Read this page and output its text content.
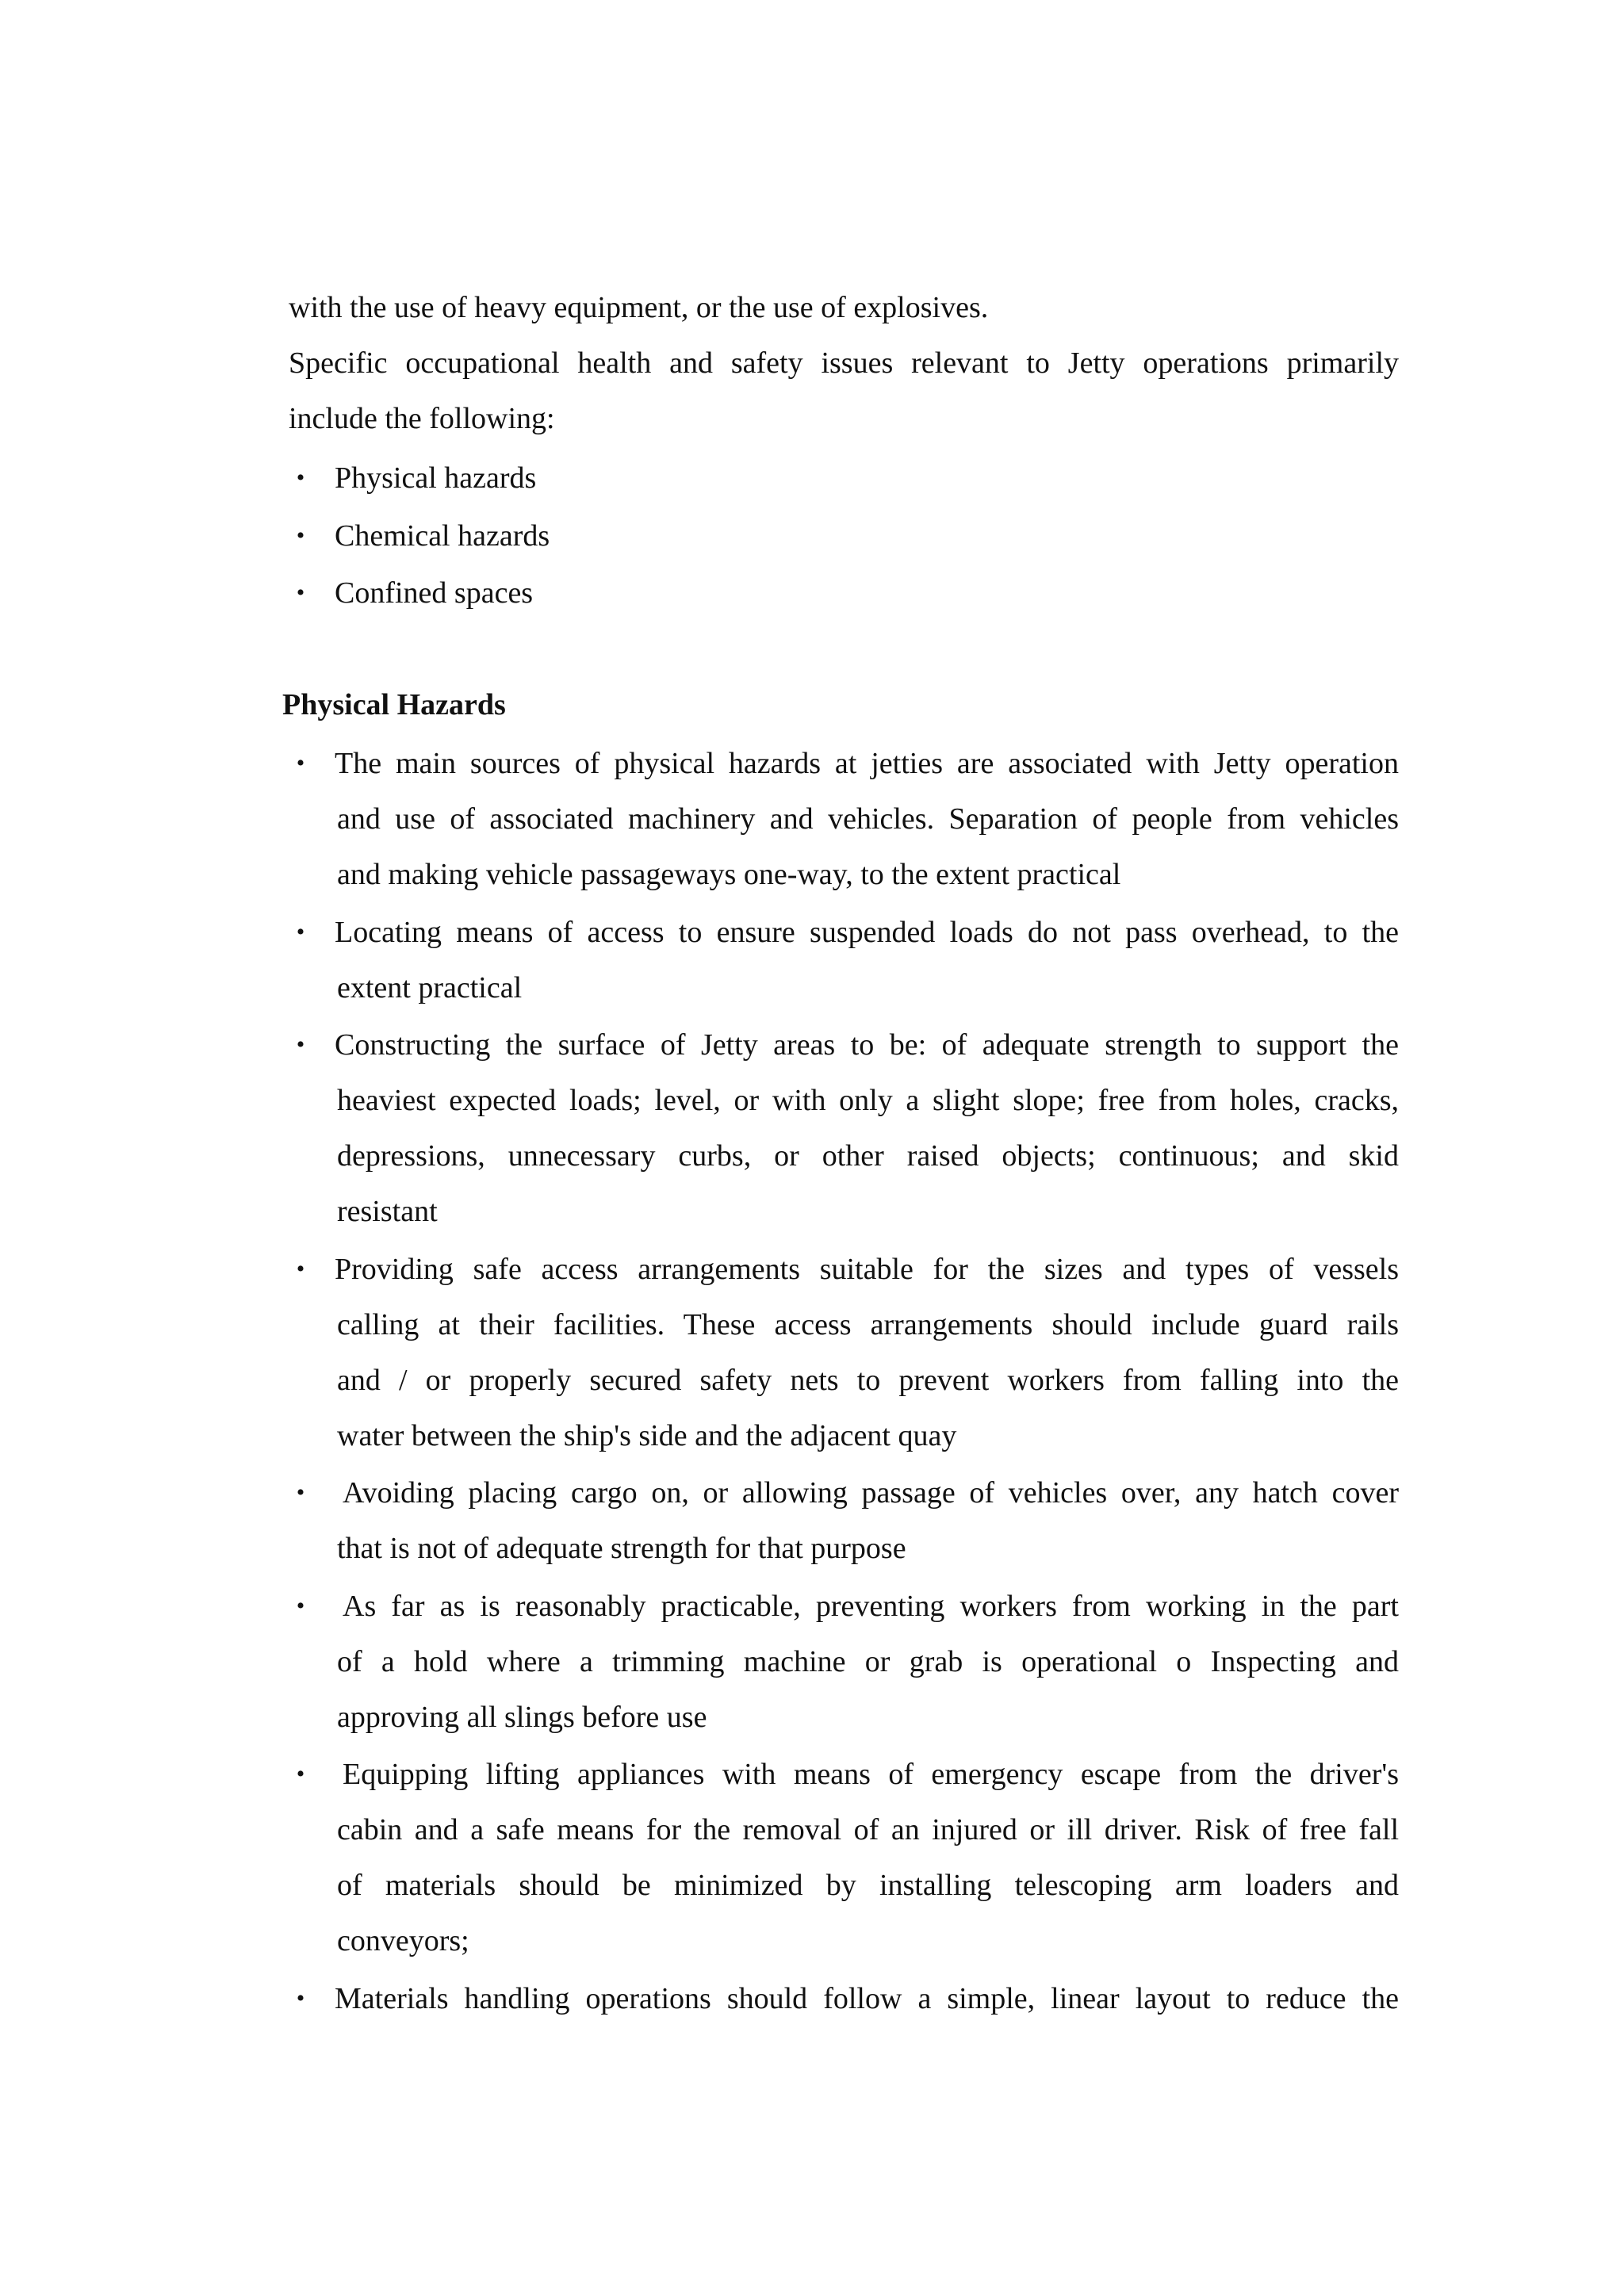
with the use of heavy equipment, or the use of explosives.
Specific occupational health and safety issues relevant to Jetty operations primarily
include the following:
• Physical hazards
• Chemical hazards
• Confined spaces
Physical Hazards
• The main sources of physical hazards at jetties are associated with Jetty operation
and use of associated machinery and vehicles. Separation of people from vehicles
and making vehicle passageways one-way, to the extent practical
• Locating means of access to ensure suspended loads do not pass overhead, to the
extent practical
• Constructing the surface of Jetty areas to be: of adequate strength to support the
heaviest expected loads; level, or with only a slight slope; free from holes, cracks,
depressions, unnecessary curbs, or other raised objects; continuous; and skid
resistant
• Providing safe access arrangements suitable for the sizes and types of vessels
calling at their facilities. These access arrangements should include guard rails
and / or properly secured safety nets to prevent workers from falling into the
water between the ship's side and the adjacent quay
• Avoiding placing cargo on, or allowing passage of vehicles over, any hatch cover
that is not of adequate strength for that purpose
• As far as is reasonably practicable, preventing workers from working in the part
of a hold where a trimming machine or grab is operational o Inspecting and
approving all slings before use
• Equipping lifting appliances with means of emergency escape from the driver's
cabin and a safe means for the removal of an injured or ill driver. Risk of free fall
of materials should be minimized by installing telescoping arm loaders and
conveyors;
• Materials handling operations should follow a simple, linear layout to reduce the
